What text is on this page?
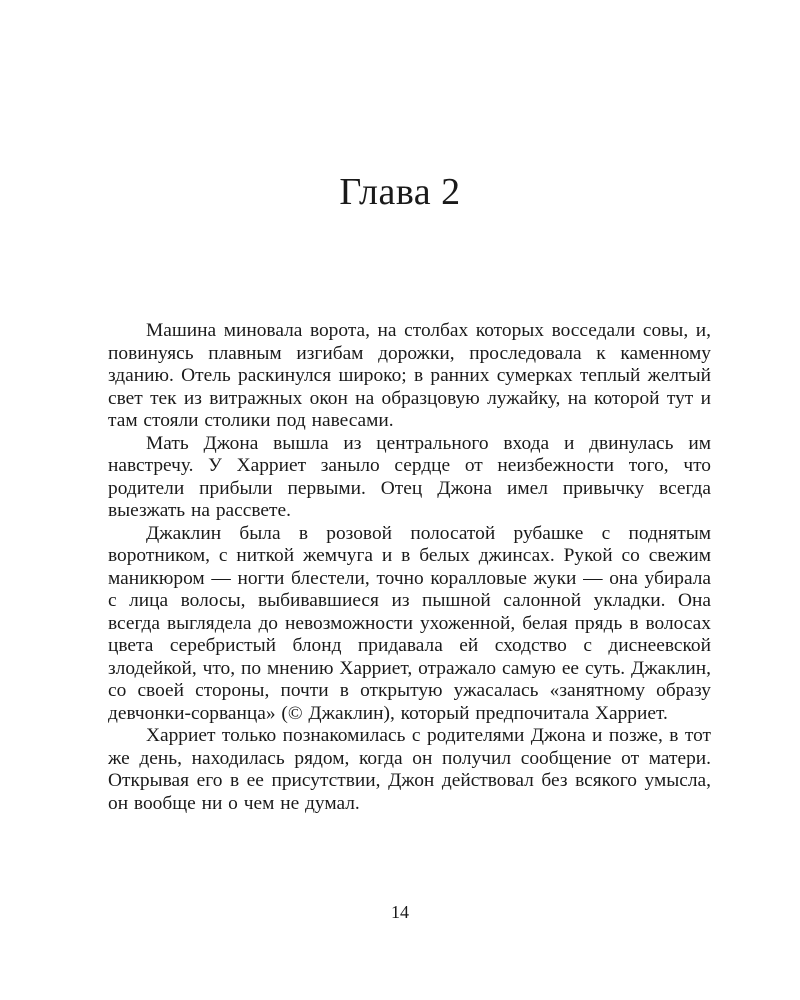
Глава 2

Машина миновала ворота, на столбах которых восседали совы, и, повинуясь плавным изгибам дорожки, проследовала к каменному зданию. Отель раскинулся широко; в ранних сумерках теплый желтый свет тек из витражных окон на образцовую лужайку, на которой тут и там стояли столики под навесами.

Мать Джона вышла из центрального входа и двинулась им навстречу. У Харриет заныло сердце от неизбежности того, что родители прибыли первыми. Отец Джона имел привычку всегда выезжать на рассвете.

Джаклин была в розовой полосатой рубашке с поднятым воротником, с ниткой жемчуга и в белых джинсах. Рукой со свежим маникюром — ногти блестели, точно коралловые жуки — она убирала с лица волосы, выбивавшиеся из пышной салонной укладки. Она всегда выглядела до невозможности ухоженной, белая прядь в волосах цвета серебристый блонд придавала ей сходство с диснеевской злодейкой, что, по мнению Харриет, отражало самую ее суть. Джаклин, со своей стороны, почти в открытую ужасалась «занятному образу девчонки-сорванца» (© Джаклин), который предпочитала Харриет.

Харриет только познакомилась с родителями Джона и позже, в тот же день, находилась рядом, когда он получил сообщение от матери. Открывая его в ее присутствии, Джон действовал без всякого умысла, он вообще ни о чем не думал.

14
